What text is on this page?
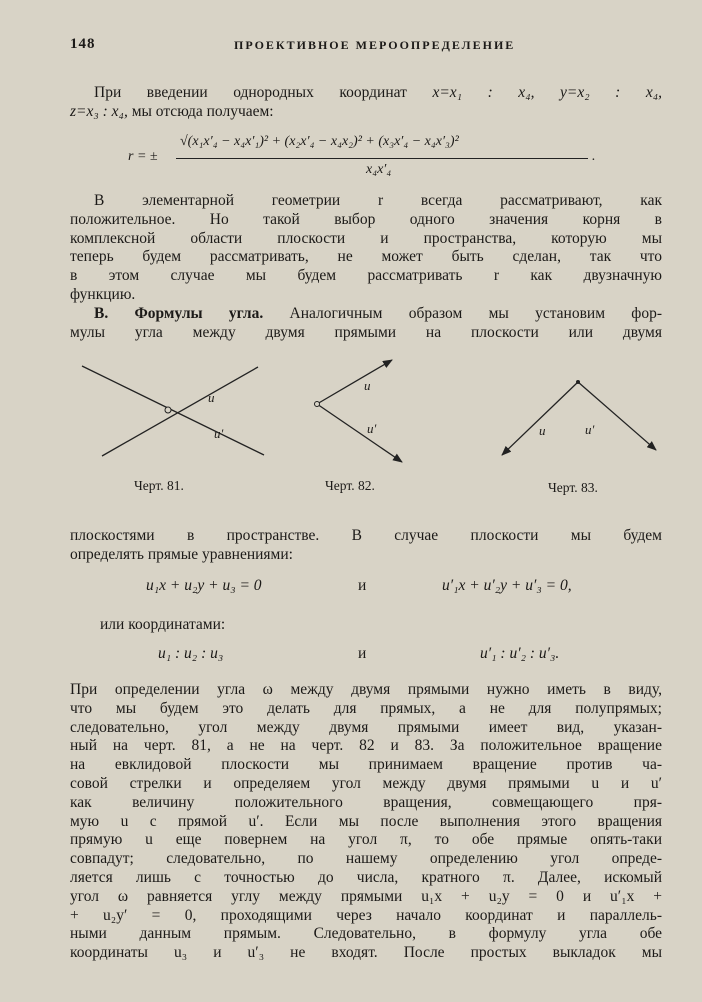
148	ПРОЕКТИВНОЕ МЕРООПРЕДЕЛЕНИЕ
При введении однородных координат x=x₁ : x₄, y=x₂ : x₄,
z=x₃ : x₄, мы отсюда получаем:
r = ±
√(x₁x′₄ − x₄x′₁)² + (x₂x′₄ − x₄x₂)² + (x₃x′₄ − x₄x′₃)²
x₄x′₄
.
В элементарной геометрии r всегда рассматривают, как
положительное. Но такой выбор одного значения корня в
комплексной области плоскости и пространства, которую мы
теперь будем рассматривать, не может быть сделан, так что
в этом случае мы будем рассматривать r как двузначную
функцию.
В. Формулы угла. Аналогичным образом мы установим фор-
мулы угла между двумя прямыми на плоскости или двумя
u
u′
u
u′	u	u′
Черт. 81.	Черт. 82.	Черт. 83.
плоскостями в пространстве. В случае плоскости мы будем
определять прямые уравнениями:
u₁x + u₂y + u₃ = 0	и	u′₁x + u′₂y + u′₃ = 0,
или координатами:
u₁ : u₂ : u₃	и	u′₁ : u′₂ : u′₃.
При определении угла ω между двумя прямыми нужно иметь в виду,
что мы будем это делать для прямых, а не для полупрямых;
следовательно, угол между двумя прямыми имеет вид, указан-
ный на черт. 81, а не на черт. 82 и 83. За положительное вращение
на евклидовой плоскости мы принимаем вращение против ча-
совой стрелки и определяем угол между двумя прямыми u и u′
как величину положительного вращения, совмещающего пря-
мую u с прямой u′. Если мы после выполнения этого вращения
прямую u еще повернем на угол π, то обе прямые опять-таки
совпадут; следовательно, по нашему определению угол опреде-
ляется лишь с точностью до числа, кратного π. Далее, искомый
угол ω равняется углу между прямыми u₁x + u₂y = 0 и u′₁x +
+ u₂y′ = 0, проходящими через начало координат и параллель-
ными данным прямым. Следовательно, в формулу угла обе
координаты u₃ и u′₃ не входят. После простых выкладок мы
